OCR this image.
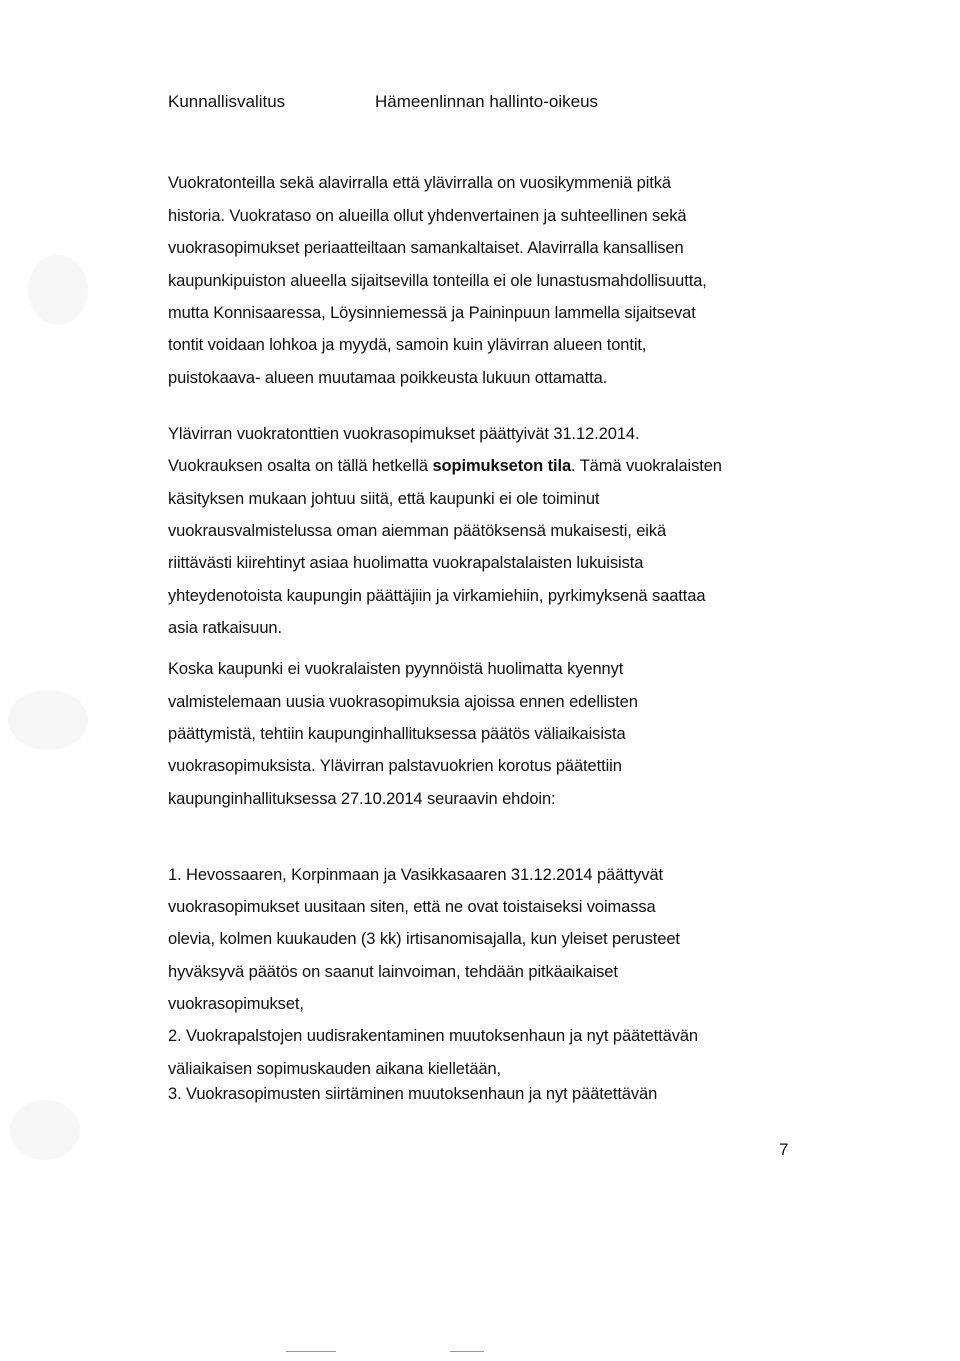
Kunnallisvalitus	Hämeenlinnan hallinto-oikeus
Vuokratonteilla sekä alavirralla että ylävirralla on vuosikymmeniä pitkä
historia. Vuokrataso on alueilla ollut yhdenvertainen ja suhteellinen sekä
vuokrasopimukset periaatteiltaan samankaltaiset. Alavirralla kansallisen
kaupunkipuiston alueella sijaitsevilla tonteilla ei ole lunastusmahdollisuutta,
mutta Konnisaaressa, Löysinniemessä ja Paininpuun lammella sijaitsevat
tontit voidaan lohkoa ja myydä, samoin kuin ylävirran alueen tontit,
puistokaava- alueen muutamaa poikkeusta lukuun ottamatta.
Ylävirran vuokratonttien vuokrasopimukset päättyivät 31.12.2014.
Vuokrauksen osalta on tällä hetkellä sopimukseton tila. Tämä vuokralaisten
käsityksen mukaan johtuu siitä, että kaupunki ei ole toiminut
vuokrausvalmistelussa oman aiemman päätöksensä mukaisesti, eikä
riittävästi kiirehtinyt asiaa huolimatta vuokrapalstalaisten lukuisista
yhteydenotoista kaupungin päättäjiin ja virkamiehiin, pyrkimyksenä saattaa
asia ratkaisuun.
Koska kaupunki ei vuokralaisten pyynnöistä huolimatta kyennyt
valmistelemaan uusia vuokrasopimuksia ajoissa ennen edellisten
päättymistä, tehtiin kaupunginhallituksessa päätös väliaikaisista
vuokrasopimuksista. Ylävirran palstavuokrien korotus päätettiin
kaupunginhallituksessa 27.10.2014 seuraavin ehdoin:
1. Hevossaaren, Korpinmaan ja Vasikkasaaren 31.12.2014 päättyvät
vuokrasopimukset uusitaan siten, että ne ovat toistaiseksi voimassa
olevia, kolmen kuukauden (3 kk) irtisanomisajalla, kun yleiset perusteet
hyväksyvä päätös on saanut lainvoiman, tehdään pitkäaikaiset
vuokrasopimukset,
2. Vuokrapalstojen uudisrakentaminen muutoksenhaun ja nyt päätettävän
väliaikaisen sopimuskauden aikana kielletään,
3. Vuokrasopimusten siirtäminen muutoksenhaun ja nyt päätettävän
7
